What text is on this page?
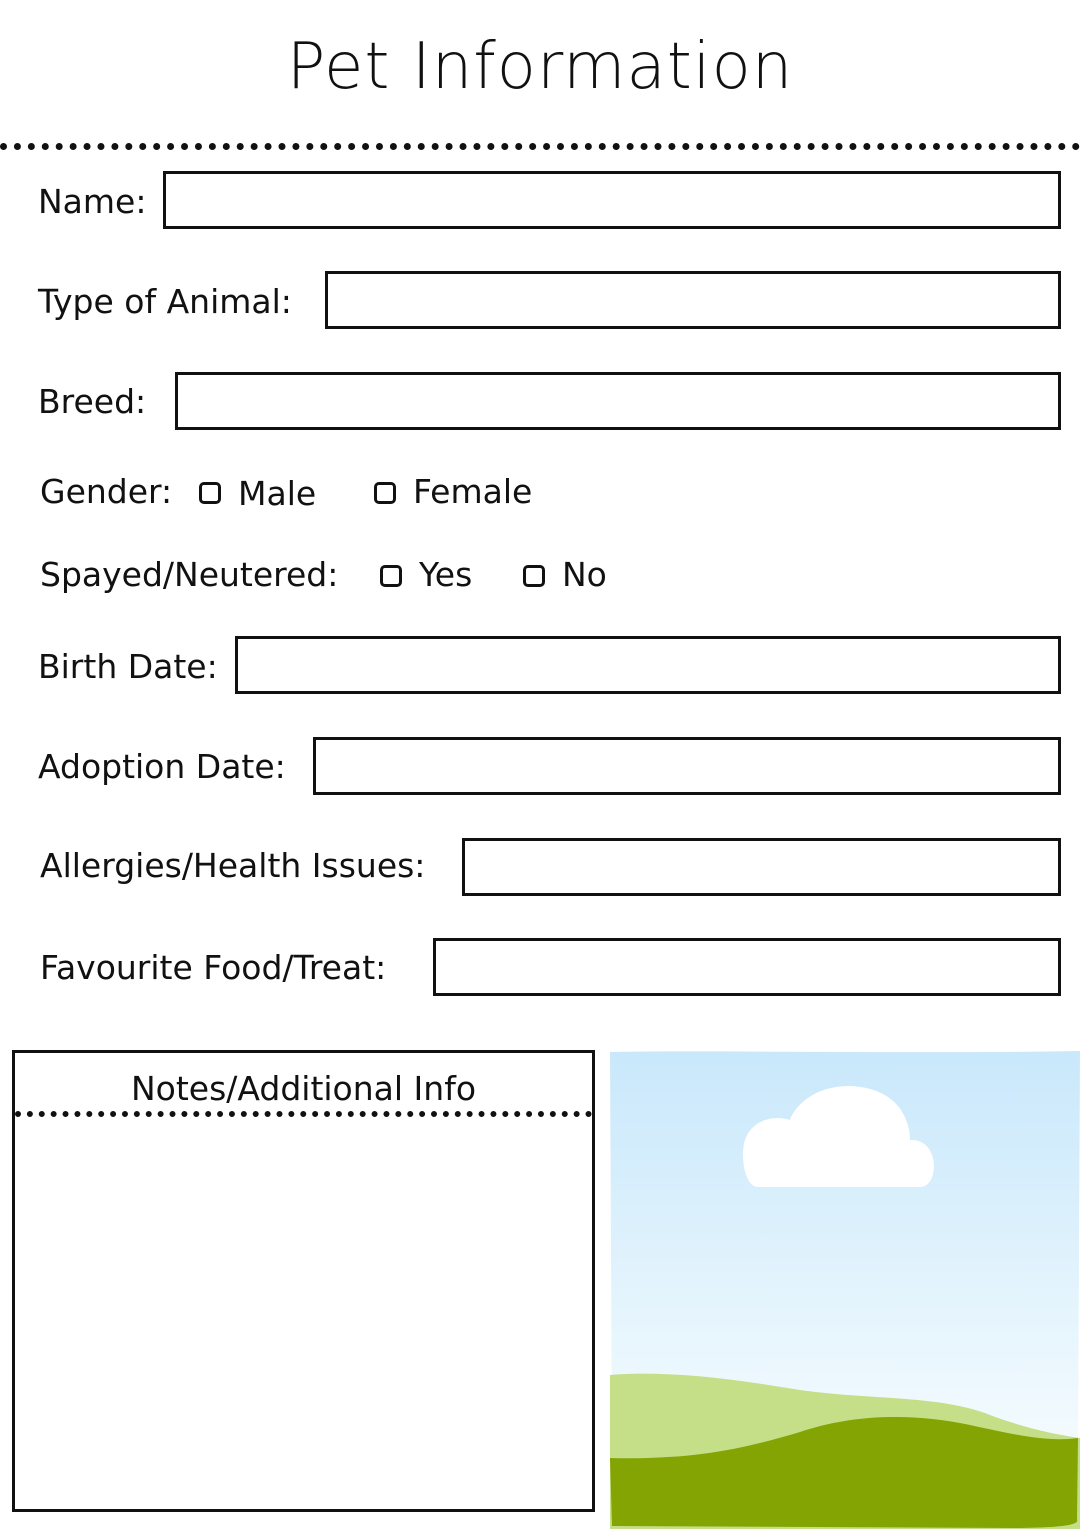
Pet Information
Name:
Type of Animal:
Breed:
Gender: Male	Female
Spayed/Neutered: Yes	No
Birth Date:
Adoption Date:
Allergies/Health Issues:
Favourite Food/Treat:
Notes/Additional Info
